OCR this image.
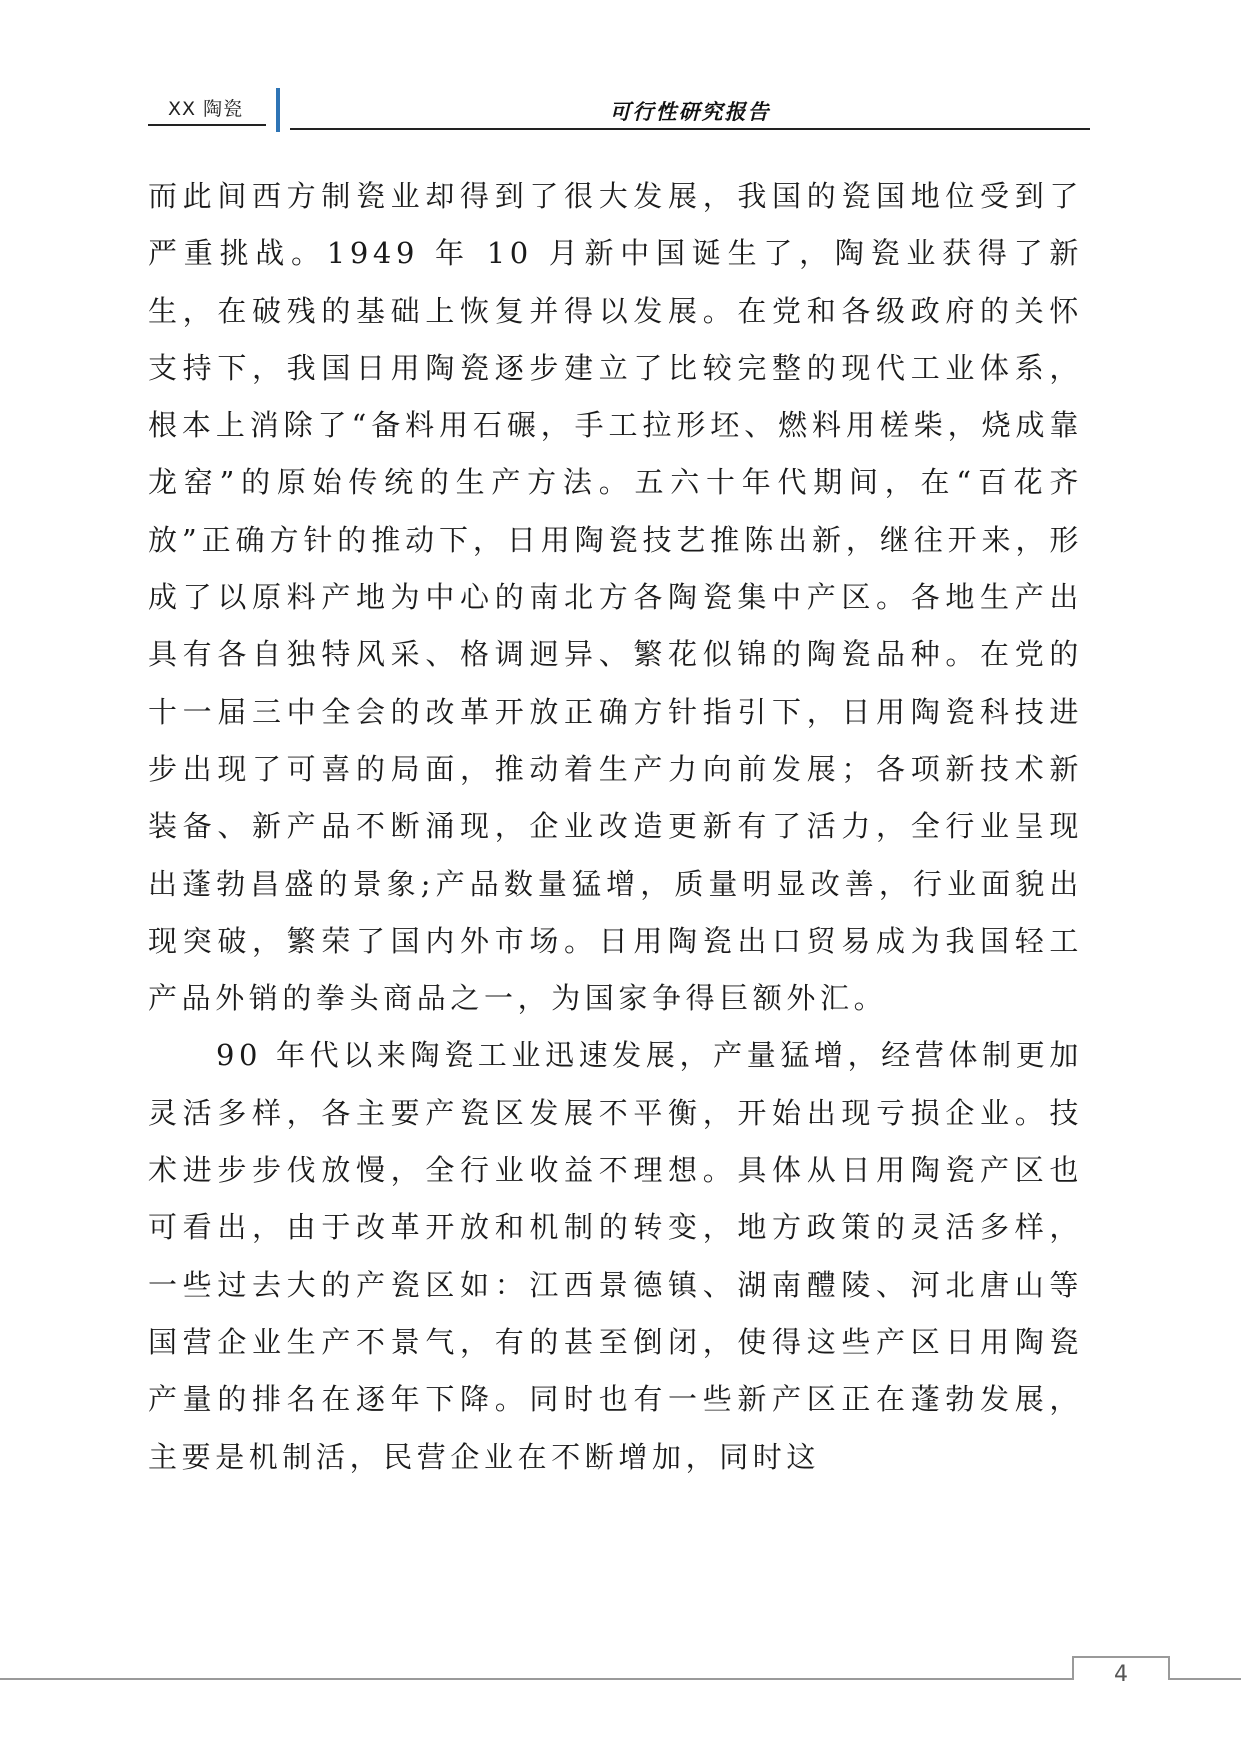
XX 陶瓷	可行性研究报告

而此间西方制瓷业却得到了很大发展，我国的瓷国地位受到了严重挑战。1949 年 10 月新中国诞生了，陶瓷业获得了新生，在破残的基础上恢复并得以发展。在党和各级政府的关怀支持下，我国日用陶瓷逐步建立了比较完整的现代工业体系，根本上消除了“备料用石碾，手工拉形坯、燃料用槎柴，烧成靠龙窑”的原始传统的生产方法。五六十年代期间，在“百花齐放”正确方针的推动下，日用陶瓷技艺推陈出新，继往开来，形成了以原料产地为中心的南北方各陶瓷集中产区。各地生产出具有各自独特风采、格调迥异、繁花似锦的陶瓷品种。在党的十一届三中全会的改革开放正确方针指引下，日用陶瓷科技进步出现了可喜的局面，推动着生产力向前发展；各项新技术新装备、新产品不断涌现，企业改造更新有了活力，全行业呈现出蓬勃昌盛的景象;产品数量猛增，质量明显改善，行业面貌出现突破，繁荣了国内外市场。日用陶瓷出口贸易成为我国轻工产品外销的拳头商品之一，为国家争得巨额外汇。

90 年代以来陶瓷工业迅速发展，产量猛增，经营体制更加灵活多样，各主要产瓷区发展不平衡，开始出现亏损企业。技术进步步伐放慢，全行业收益不理想。具体从日用陶瓷产区也可看出，由于改革开放和机制的转变，地方政策的灵活多样，一些过去大的产瓷区如：江西景德镇、湖南醴陵、河北唐山等国营企业生产不景气，有的甚至倒闭，使得这些产区日用陶瓷产量的排名在逐年下降。同时也有一些新产区正在蓬勃发展，主要是机制活，民营企业在不断增加，同时这

4
